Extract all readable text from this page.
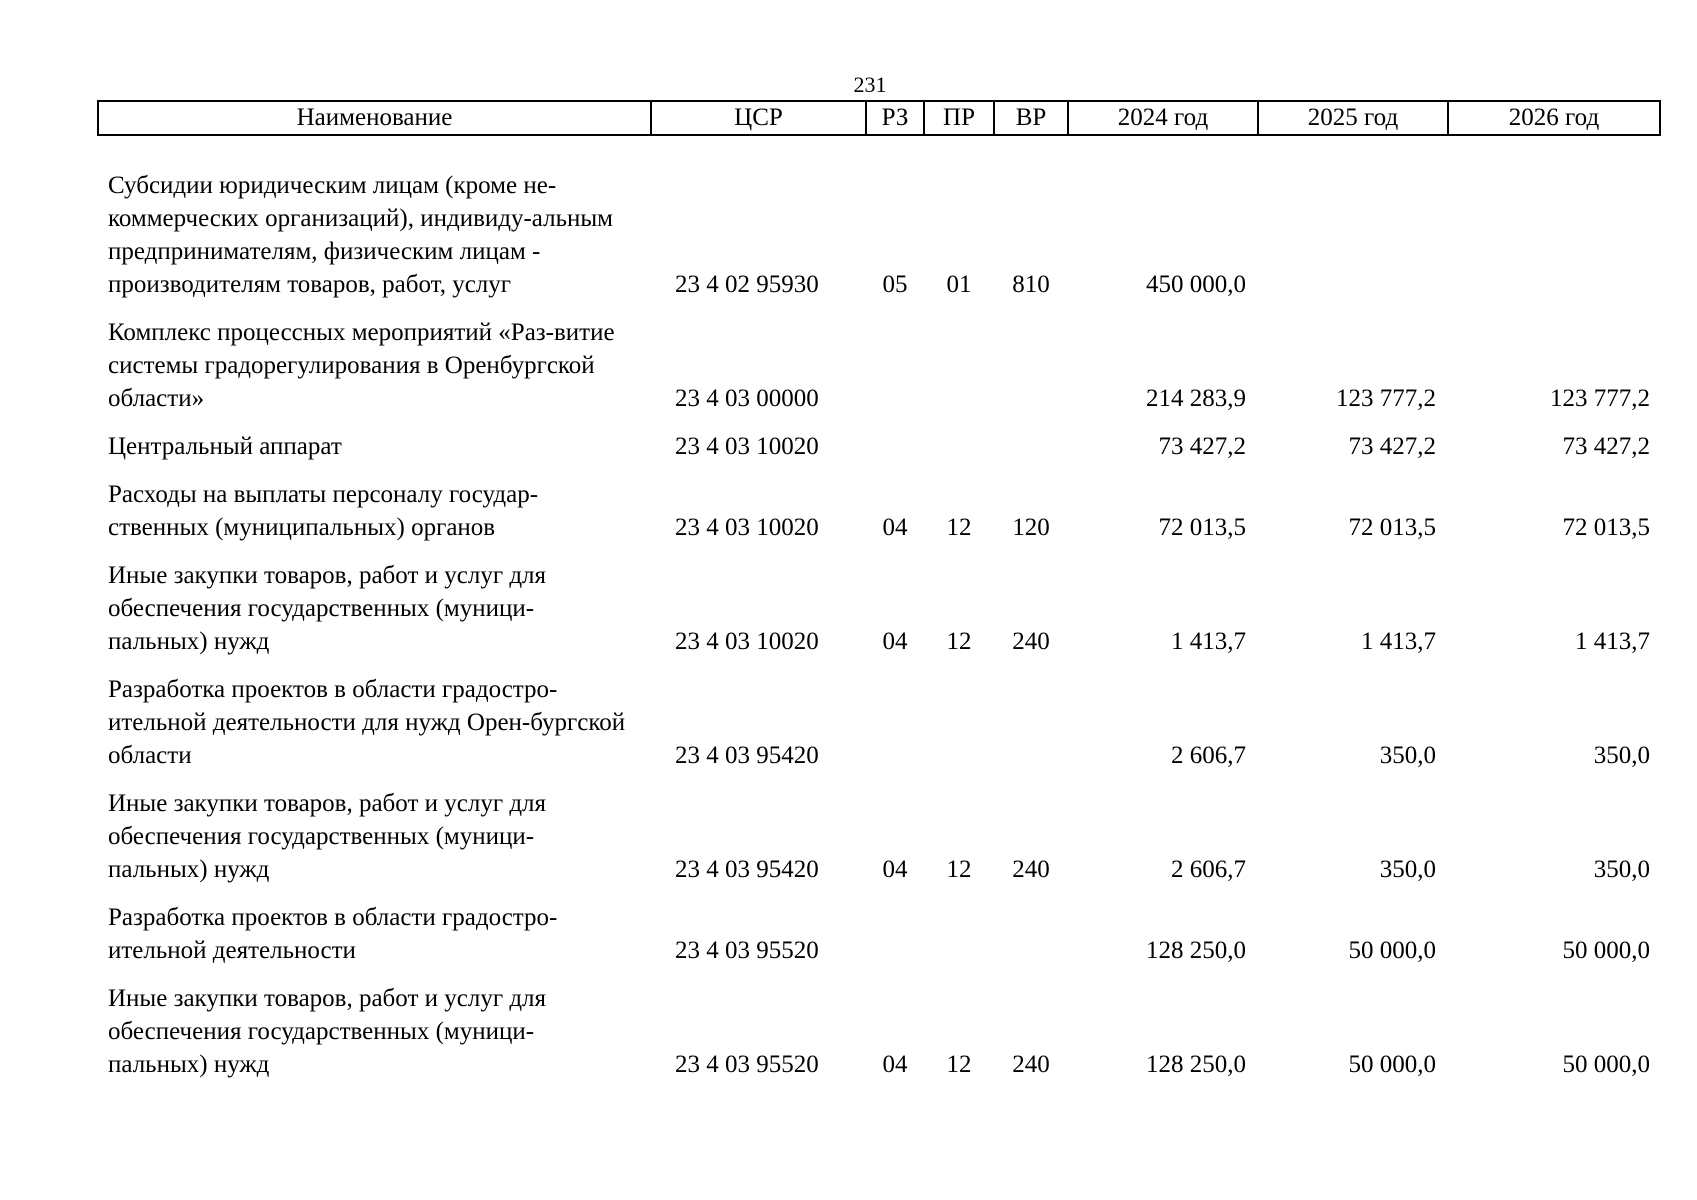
231
Наименование	ЦСР	РЗ	ПР	ВР	2024 год	2025 год	2026 год

Субсидии юридическим лицам (кроме не-коммерческих организаций), индивиду-альным предпринимателям, физическим лицам - производителям товаров, работ, услуг	23 4 02 95930	05	01	810	450 000,0		

Комплекс процессных мероприятий «Раз-витие системы градорегулирования в Оренбургской области»	23 4 03 00000				214 283,9	123 777,2	123 777,2

Центральный аппарат	23 4 03 10020				73 427,2	73 427,2	73 427,2

Расходы на выплаты персоналу государ-ственных (муниципальных) органов	23 4 03 10020	04	12	120	72 013,5	72 013,5	72 013,5

Иные закупки товаров, работ и услуг для обеспечения государственных (муници-пальных) нужд	23 4 03 10020	04	12	240	1 413,7	1 413,7	1 413,7

Разработка проектов в области градостро-ительной деятельности для нужд Орен-бургской области	23 4 03 95420				2 606,7	350,0	350,0

Иные закупки товаров, работ и услуг для обеспечения государственных (муници-пальных) нужд	23 4 03 95420	04	12	240	2 606,7	350,0	350,0

Разработка проектов в области градостро-ительной деятельности	23 4 03 95520				128 250,0	50 000,0	50 000,0

Иные закупки товаров, работ и услуг для обеспечения государственных (муници-пальных) нужд	23 4 03 95520	04	12	240	128 250,0	50 000,0	50 000,0
